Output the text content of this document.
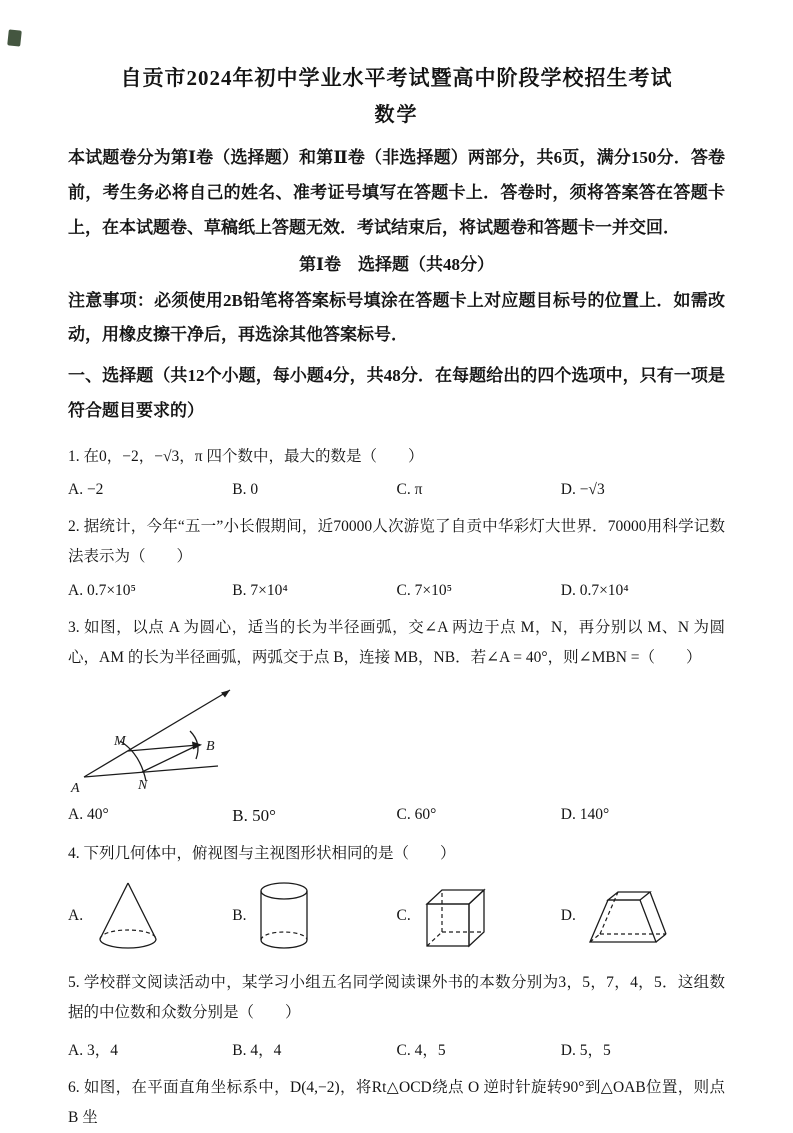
自贡市2024年初中学业水平考试暨高中阶段学校招生考试
数学

本试题卷分为第Ⅰ卷（选择题）和第Ⅱ卷（非选择题）两部分，共6页，满分150分．答卷前，考生务必将自己的姓名、准考证号填写在答题卡上．答卷时，须将答案答在答题卡上，在本试题卷、草稿纸上答题无效．考试结束后，将试题卷和答题卡一并交回．

第Ⅰ卷　选择题（共48分）

注意事项：必须使用2B铅笔将答案标号填涂在答题卡上对应题目标号的位置上．如需改动，用橡皮擦干净后，再选涂其他答案标号．

一、选择题（共12个小题，每小题4分，共48分．在每题给出的四个选项中，只有一项是符合题目要求的）

1. 在0，−2，−√3，π 四个数中，最大的数是（　　）
A. −2	B. 0	C. π	D. −√3
2. 据统计，今年“五一”小长假期间，近70000人次游览了自贡中华彩灯大世界．70000用科学记数法表示为（　　）
A. 0.7×10⁵	B. 7×10⁴	C. 7×10⁵	D. 0.7×10⁴
3. 如图，以点 A 为圆心，适当的长为半径画弧，交∠A 两边于点 M，N，再分别以 M、N 为圆心，AM 的长为半径画弧，两弧交于点 B，连接 MB，NB．若∠A = 40°，则∠MBN =（　　）
M
A	N
B
A. 40°	B. 50°	C. 60°	D. 140°
4. 下列几何体中，俯视图与主视图形状相同的是（　　）
A.	B.	C.	D.
5. 学校群文阅读活动中，某学习小组五名同学阅读课外书的本数分别为3，5，7，4，5．这组数据的中位数和众数分别是（　　）
A. 3，4	B. 4，4	C. 4，5	D. 5，5
6. 如图，在平面直角坐标系中，D(4,−2)，将Rt△OCD绕点 O 逆时针旋转90°到△OAB位置，则点 B 坐
